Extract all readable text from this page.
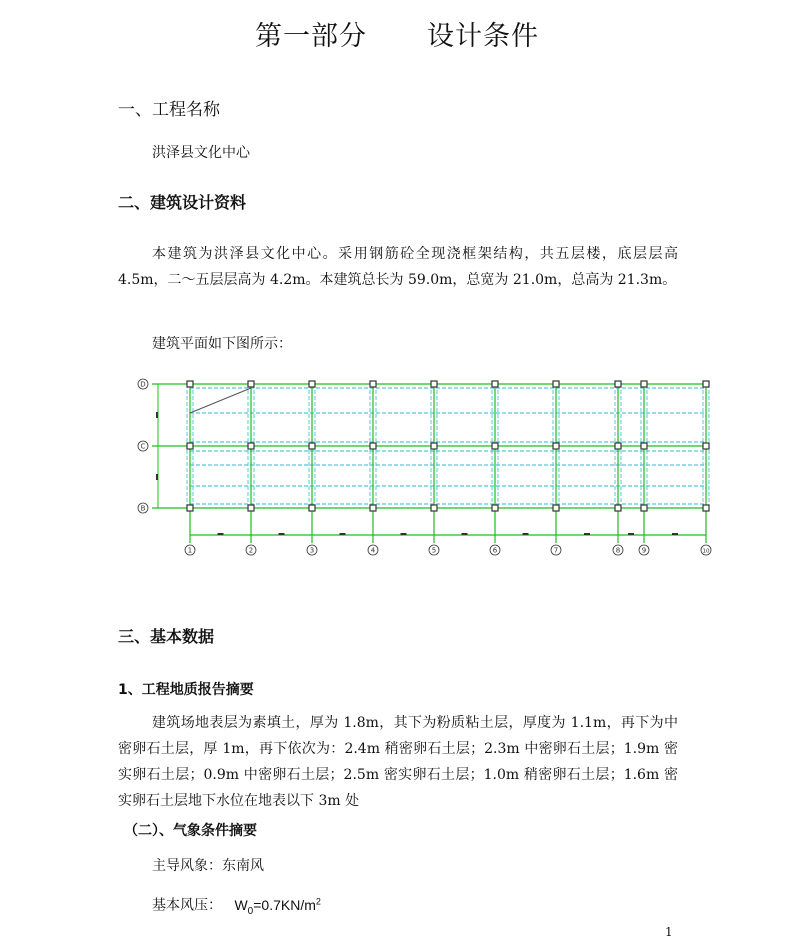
第一部分 设计条件
一、工程名称
洪泽县文化中心
二、建筑设计资料
本建筑为洪泽县文化中心。采用钢筋砼全现浇框架结构，共五层楼，底层层高 4.5m，二～五层层高为 4.2m。本建筑总长为 59.0m，总宽为 21.0m，总高为 21.3m。
建筑平面如下图所示：
D
C
B
1	2	3	4	5	6	7	8	9	10
三、基本数据
1、工程地质报告摘要
建筑场地表层为素填土，厚为 1.8m，其下为粉质粘土层，厚度为 1.1m，再下为中密卵石土层，厚 1m，再下依次为：2.4m 稍密卵石土层；2.3m 中密卵石土层；1.9m 密实卵石土层；0.9m 中密卵石土层；2.5m 密实卵石土层；1.0m 稍密卵石土层；1.6m 密实卵石土层地下水位在地表以下 3m 处
（二）、气象条件摘要
主导风象：东南风
基本风压： $W_0=0.7KN/m^2$
1
